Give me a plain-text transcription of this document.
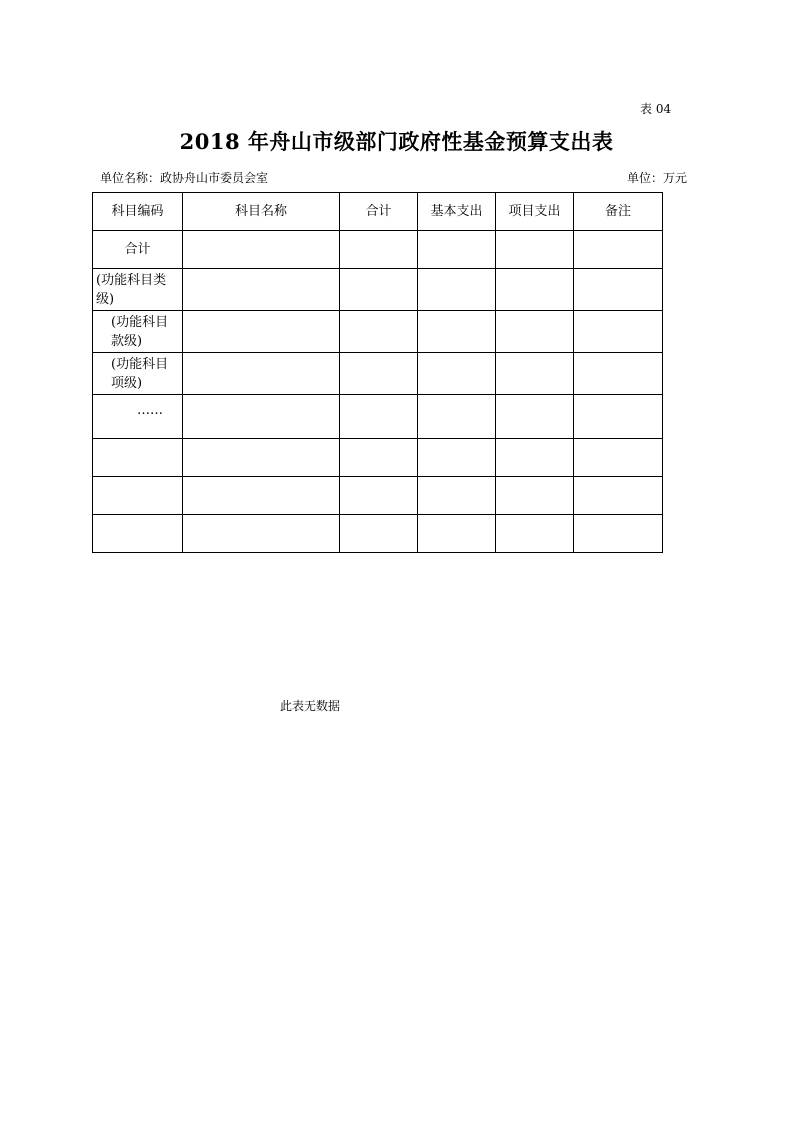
表 04
2018 年舟山市级部门政府性基金预算支出表
单位名称：政协舟山市委员会室	单位：万元
科目编码	科目名称	合计	基本支出	项目支出	备注
合计					
(功能科目类级)					
(功能科目款级)					
(功能科目项级)					
……					

此表无数据
